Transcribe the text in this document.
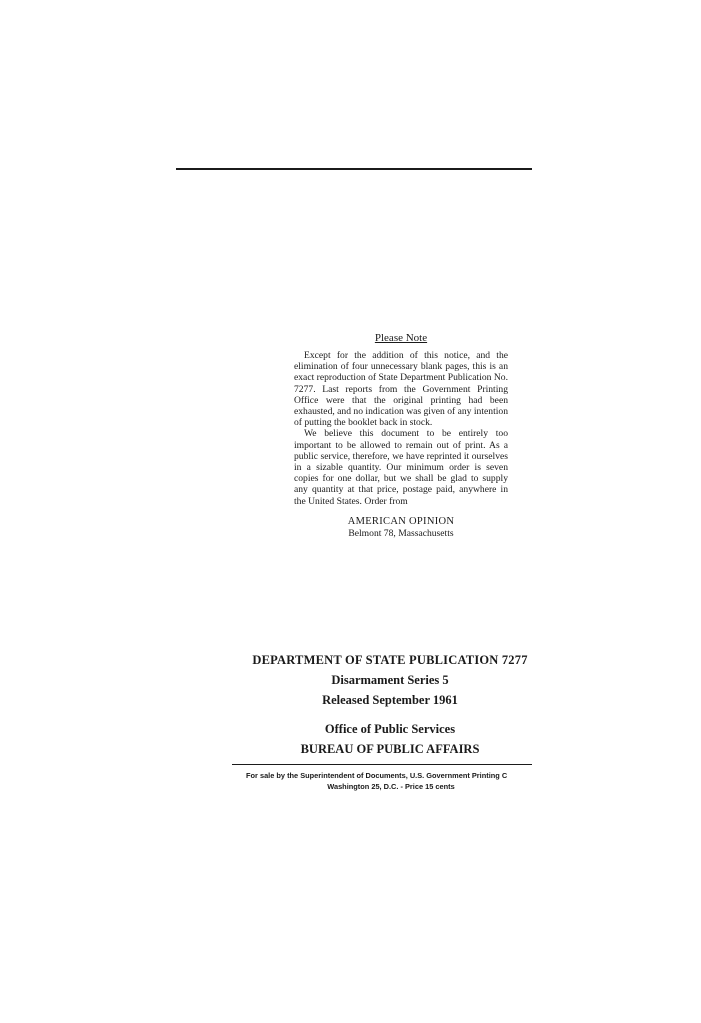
Please Note

Except for the addition of this notice, and the elimination of four unnecessary blank pages, this is an exact reproduction of State Department Publication No. 7277. Last reports from the Government Printing Office were that the original printing had been exhausted, and no indication was given of any intention of putting the booklet back in stock.

We believe this document to be entirely too important to be allowed to remain out of print. As a public service, therefore, we have reprinted it ourselves in a sizable quantity. Our minimum order is seven copies for one dollar, but we shall be glad to supply any quantity at that price, postage paid, anywhere in the United States. Order from

AMERICAN OPINION
Belmont 78, Massachusetts
DEPARTMENT OF STATE PUBLICATION 7277
Disarmament Series 5
Released September 1961
Office of Public Services
BUREAU OF PUBLIC AFFAIRS
For sale by the Superintendent of Documents, U.S. Government Printing C
Washington 25, D.C. - Price 15 cents
